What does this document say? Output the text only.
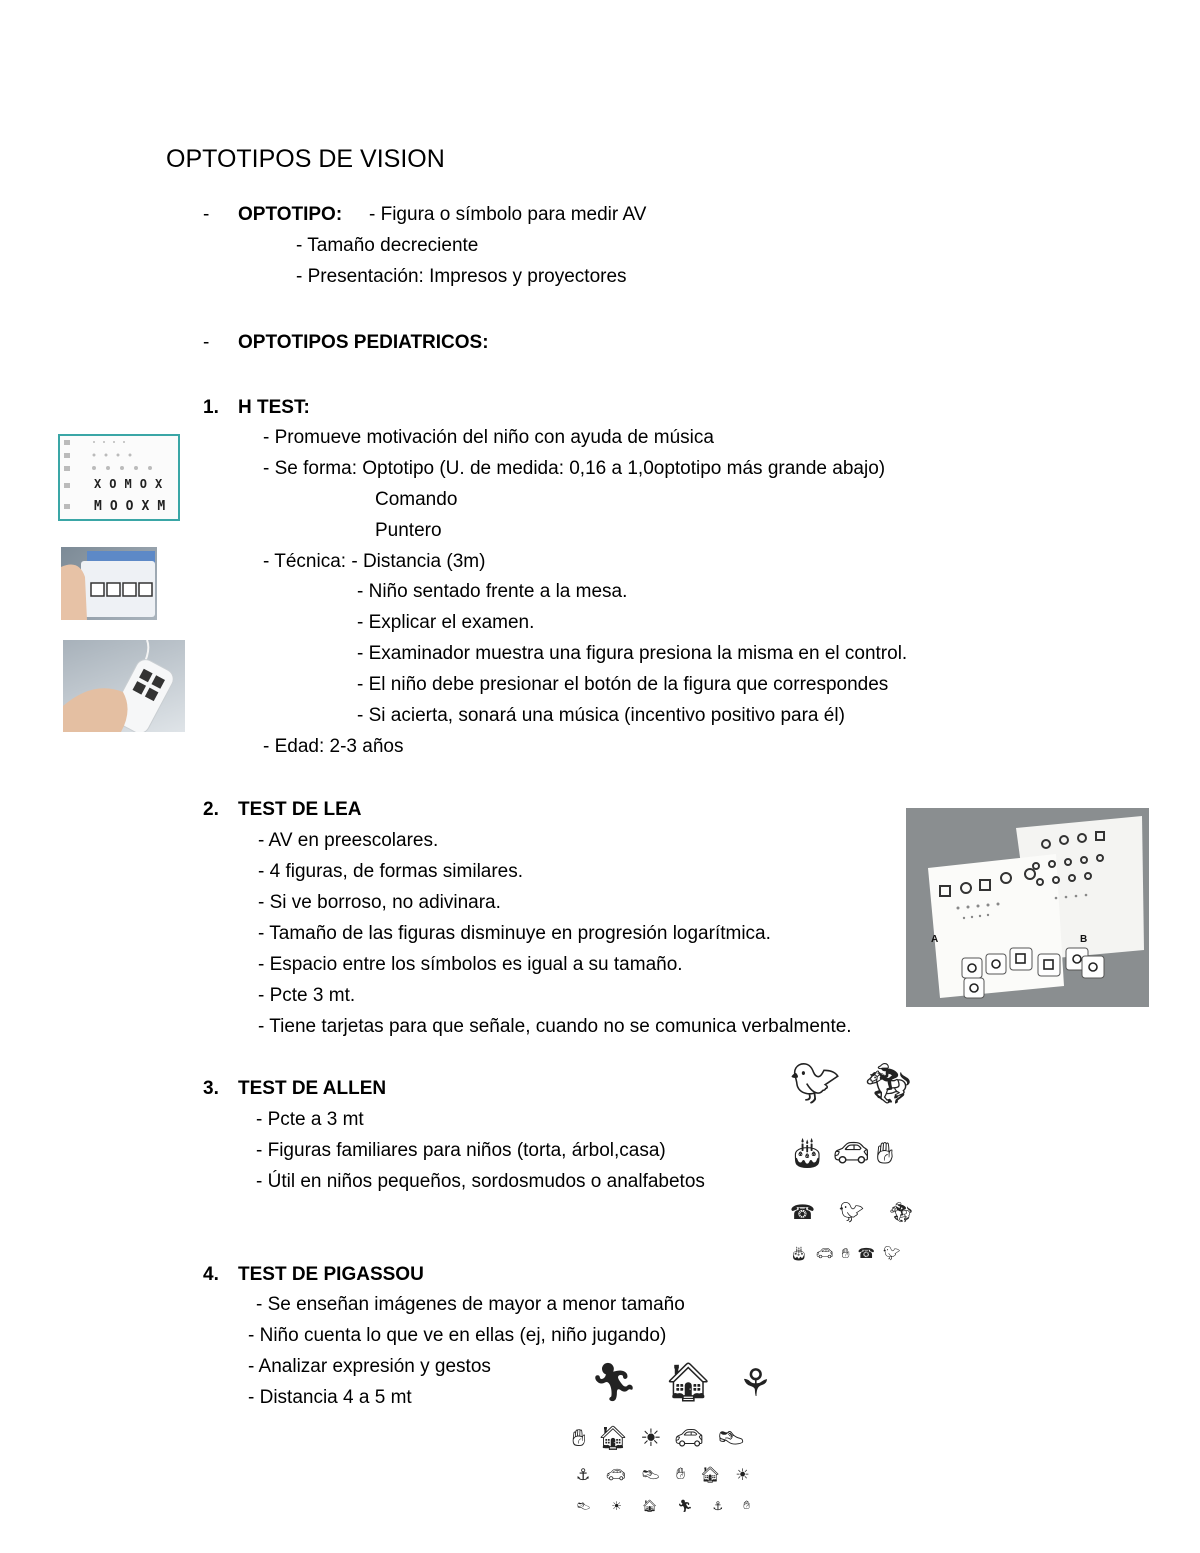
OPTOTIPOS DE VISION
- OPTOTIPO: - Figura o símbolo para medir AV
- Tamaño decreciente
- Presentación: Impresos y proyectores
- OPTOTIPOS PEDIATRICOS:
1. H TEST:
- Promueve motivación del niño con ayuda de música
- Se forma: Optotipo (U. de medida: 0,16 a 1,0optotipo más grande abajo)
Comando
Puntero
- Técnica: - Distancia (3m)
- Niño sentado frente a la mesa.
- Explicar el examen.
- Examinador muestra una figura presiona la misma en el control.
- El niño debe presionar el botón de la figura que correspondes
- Si acierta, sonará una música (incentivo positivo para él)
- Edad: 2-3 años
XOMOX
MOOXM
2. TEST DE LEA
- AV en preescolares.
- 4 figuras, de formas similares.
- Si ve borroso, no adivinara.
- Tamaño de las figuras disminuye en progresión logarítmica.
- Espacio entre los símbolos es igual a su tamaño.
- Pcte 3 mt.
- Tiene tarjetas para que señale, cuando no se comunica verbalmente.
A	B
3. TEST DE ALLEN
- Pcte a 3 mt
- Figuras familiares para niños (torta, árbol,casa)
- Útil en niños pequeños, sordosmudos o analfabetos
🐦︎ 🏇︎
🎂︎ 🚗︎ ✋︎
☎ 🐦︎ 🏇︎
🎂︎ 🚗︎ ✋︎ ☎ 🐦︎
4. TEST DE PIGASSOU
- Se enseñan imágenes de mayor a menor tamaño
- Niño cuenta lo que ve en ellas (ej, niño jugando)
- Analizar expresión y gestos
- Distancia 4 a 5 mt	🏃︎ 🏠︎ ⚘
✋︎ 🏠︎ ☀ 🚗︎ 👞︎
⚓︎ 🚗︎ 👞︎ ✋︎ 🏠︎ ☀
👞︎ ☀ 🏠︎ 🏃︎ ⚓︎ ✋︎
